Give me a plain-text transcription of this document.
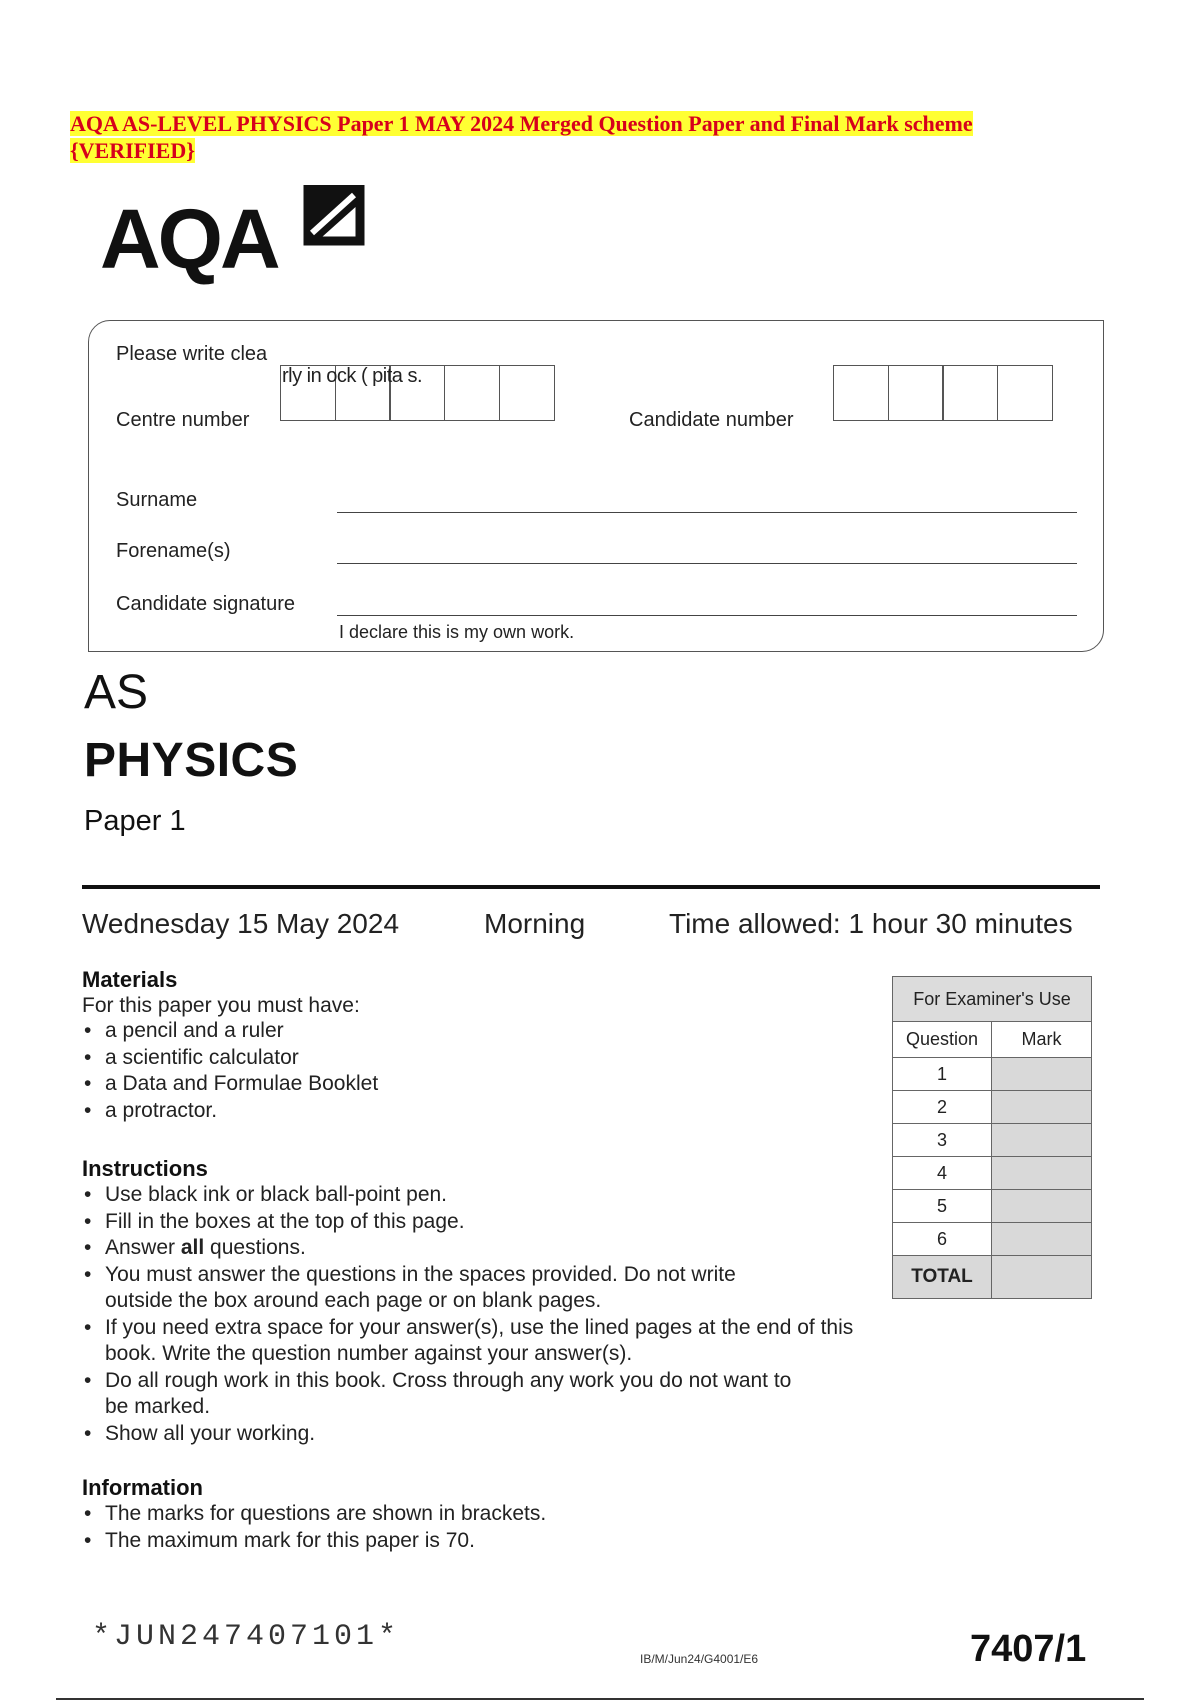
AQA AS-LEVEL PHYSICS Paper 1 MAY 2024 Merged Question Paper and Final Mark scheme {VERIFIED}
AQA
Please write clea
rly in ock ( pita s.
Centre number	Candidate number
Surname
Forename(s)
Candidate signature
I declare this is my own work.
AS
PHYSICS
Paper 1
Wednesday 15 May 2024	Morning	Time allowed: 1 hour 30 minutes
Materials
For this paper you must have:
• a pencil and a ruler
• a scientific calculator
• a Data and Formulae Booklet
• a protractor.
Instructions
• Use black ink or black ball-point pen.
• Fill in the boxes at the top of this page.
• Answer all questions.
• You must answer the questions in the spaces provided. Do not write outside the box around each page or on blank pages.
• If you need extra space for your answer(s), use the lined pages at the end of this book. Write the question number against your answer(s).
• Do all rough work in this book. Cross through any work you do not want to be marked.
• Show all your working.
Information
• The marks for questions are shown in brackets.
• The maximum mark for this paper is 70.
For Examiner's Use	
Question	Mark
1	
2	
3	
4	
5	
6	
TOTAL	
*JUN247407101*
IB/M/Jun24/G4001/E6	7407/1
